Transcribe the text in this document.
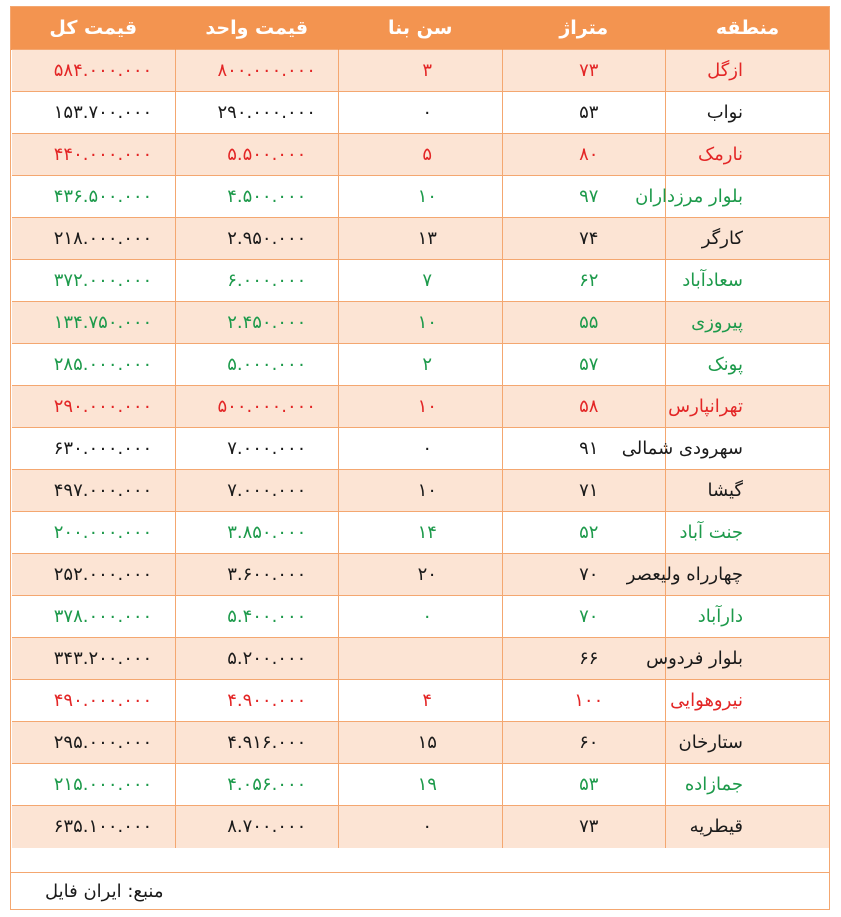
منطقه	متراژ	سن بنا	قیمت واحد	قیمت کل
ازگل	۷۳	۳	۸۰۰.۰۰۰.۰۰۰	۵۸۴.۰۰۰.۰۰۰
نواب	۵۳	۰	۲۹۰.۰۰۰.۰۰۰	۱۵۳.۷۰۰.۰۰۰
نارمک	۸۰	۵	۵.۵۰۰.۰۰۰	۴۴۰.۰۰۰.۰۰۰
بلوار مرزداران	۹۷	۱۰	۴.۵۰۰.۰۰۰	۴۳۶.۵۰۰.۰۰۰
کارگر	۷۴	۱۳	۲.۹۵۰.۰۰۰	۲۱۸.۰۰۰.۰۰۰
سعادآباد	۶۲	۷	۶.۰۰۰.۰۰۰	۳۷۲.۰۰۰.۰۰۰
پیروزی	۵۵	۱۰	۲.۴۵۰.۰۰۰	۱۳۴.۷۵۰.۰۰۰
پونک	۵۷	۲	۵.۰۰۰.۰۰۰	۲۸۵.۰۰۰.۰۰۰
تهرانپارس	۵۸	۱۰	۵۰۰.۰۰۰.۰۰۰	۲۹۰.۰۰۰.۰۰۰
سهرودی شمالی	۹۱	۰	۷.۰۰۰.۰۰۰	۶۳۰.۰۰۰.۰۰۰
گیشا	۷۱	۱۰	۷.۰۰۰.۰۰۰	۴۹۷.۰۰۰.۰۰۰
جنت آباد	۵۲	۱۴	۳.۸۵۰.۰۰۰	۲۰۰.۰۰۰.۰۰۰
چهارراه ولیعصر	۷۰	۲۰	۳.۶۰۰.۰۰۰	۲۵۲.۰۰۰.۰۰۰
دارآباد	۷۰	۰	۵.۴۰۰.۰۰۰	۳۷۸.۰۰۰.۰۰۰
بلوار فردوس	۶۶		۵.۲۰۰.۰۰۰	۳۴۳.۲۰۰.۰۰۰
نیروهوایی	۱۰۰	۴	۴.۹۰۰.۰۰۰	۴۹۰.۰۰۰.۰۰۰
ستارخان	۶۰	۱۵	۴.۹۱۶.۰۰۰	۲۹۵.۰۰۰.۰۰۰
جمازاده	۵۳	۱۹	۴.۰۵۶.۰۰۰	۲۱۵.۰۰۰.۰۰۰
قیطریه	۷۳	۰	۸.۷۰۰.۰۰۰	۶۳۵.۱۰۰.۰۰۰
منبع: ایران فایل
